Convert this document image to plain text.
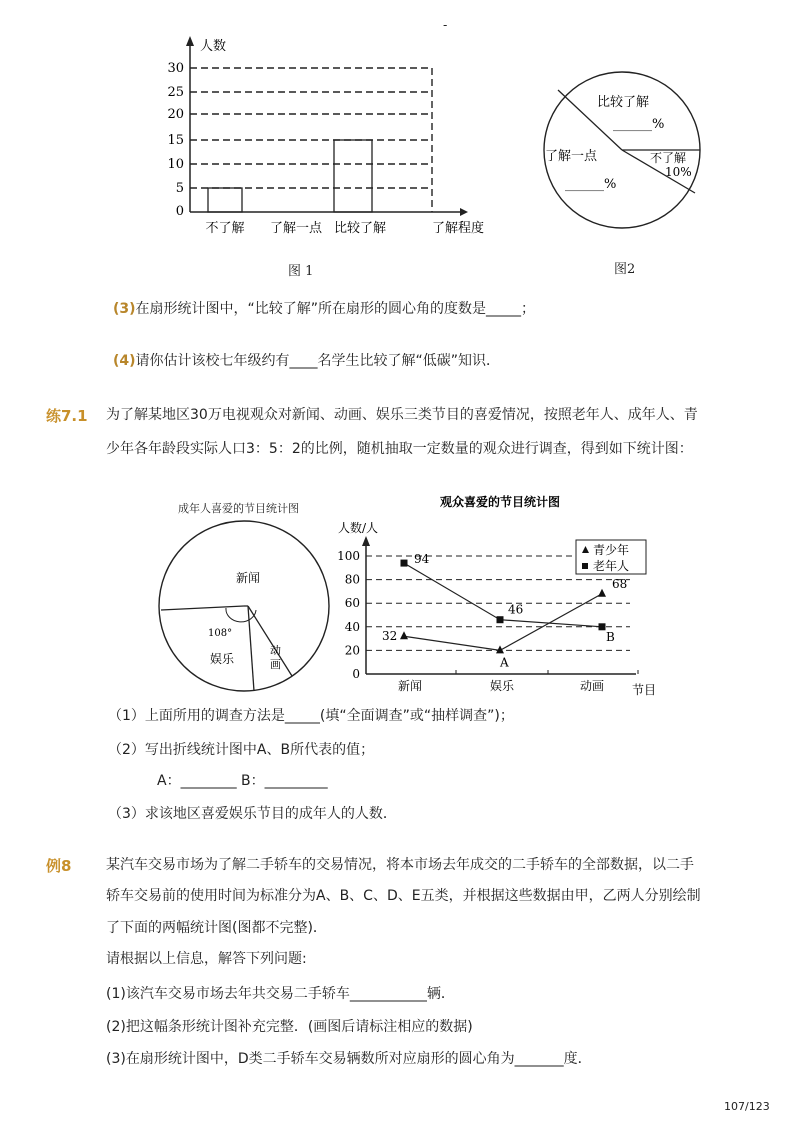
-
30
25
20
15
10
5
0
人数
了解程度
不了解 了解一点 比较了解
图 1
比较了解
______%
了解一点
______%
不了解
10%
图2
(3)在扇形统计图中，“比较了解”所在扇形的圆心角的度数是_____；
(4)请你估计该校七年级约有____名学生比较了解“低碳”知识．
练7.1 为了解某地区30万电视观众对新闻、动画、娱乐三类节目的喜爱情况，按照老年人、成年人、青
少年各年龄段实际人口3：5：2的比例，随机抽取一定数量的观众进行调查，得到如下统计图：
成年人喜爱的节目统计图
新闻
108°
娱乐
动
画
观众喜爱的节目统计图
人数/人
节目
100
80
60
40
20
0
新闻	娱乐	动画
32
A
68
94
46
B
青少年
老年人
（1）上面所用的调查方法是_____(填“全面调查”或“抽样调查”)；
（2）写出折线统计图中A、B所代表的值；
A：________ B：_________
（3）求该地区喜爱娱乐节目的成年人的人数．
例8 某汽车交易市场为了解二手轿车的交易情况，将本市场去年成交的二手轿车的全部数据，以二手
轿车交易前的使用时间为标准分为A、B、C、D、E五类，并根据这些数据由甲，乙两人分别绘制
了下面的两幅统计图(图都不完整)．
请根据以上信息，解答下列问题:
(1)该汽车交易市场去年共交易二手轿车___________辆．
(2)把这幅条形统计图补充完整．(画图后请标注相应的数据)
(3)在扇形统计图中，D类二手轿车交易辆数所对应扇形的圆心角为_______度．
107/123
